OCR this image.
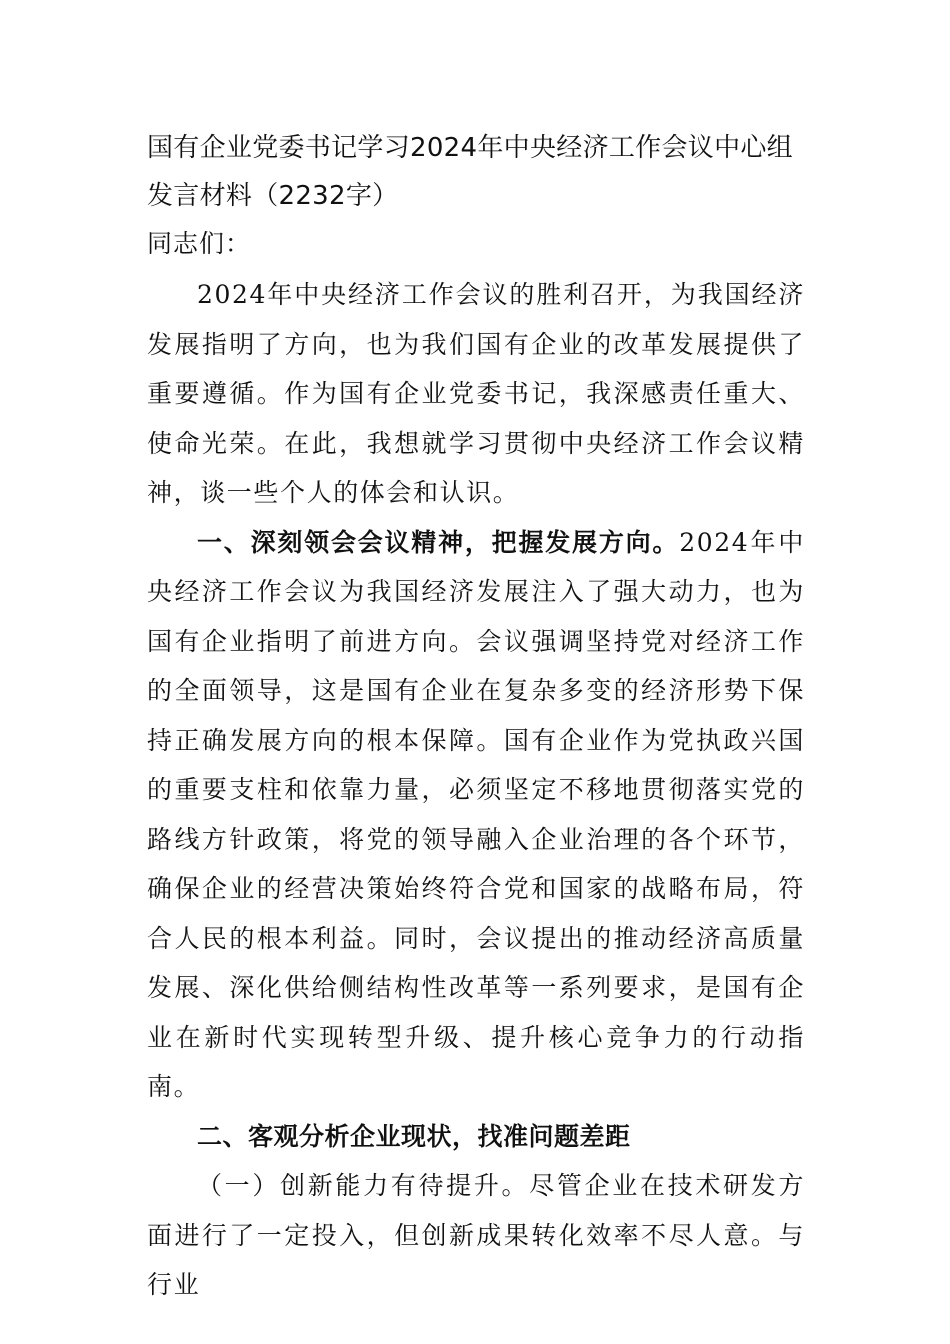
国有企业党委书记学习2024年中央经济工作会议中心组发言材料（2232字）

同志们：

2024年中央经济工作会议的胜利召开，为我国经济发展指明了方向，也为我们国有企业的改革发展提供了重要遵循。作为国有企业党委书记，我深感责任重大、使命光荣。在此，我想就学习贯彻中央经济工作会议精神，谈一些个人的体会和认识。

一、深刻领会会议精神，把握发展方向。2024年中央经济工作会议为我国经济发展注入了强大动力，也为国有企业指明了前进方向。会议强调坚持党对经济工作的全面领导，这是国有企业在复杂多变的经济形势下保持正确发展方向的根本保障。国有企业作为党执政兴国的重要支柱和依靠力量，必须坚定不移地贯彻落实党的路线方针政策，将党的领导融入企业治理的各个环节，确保企业的经营决策始终符合党和国家的战略布局，符合人民的根本利益。同时，会议提出的推动经济高质量发展、深化供给侧结构性改革等一系列要求，是国有企业在新时代实现转型升级、提升核心竞争力的行动指南。

二、客观分析企业现状，找准问题差距

（一）创新能力有待提升。尽管企业在技术研发方面进行了一定投入，但创新成果转化效率不尽人意。与行业
